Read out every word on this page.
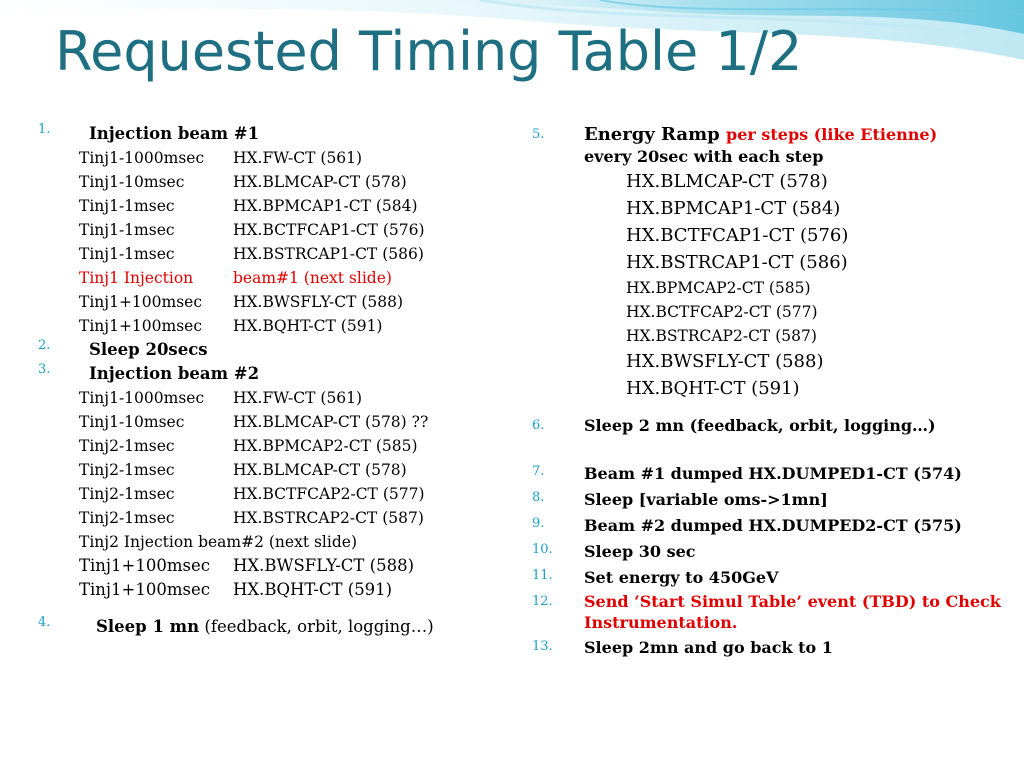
Requested Timing Table 1/2
1. Injection beam #1
Tinj1-1000msec HX.FW-CT (561)
Tinj1-10msec	HX.BLMCAP-CT (578)
Tinj1-1msec	HX.BPMCAP1-CT (584)
Tinj1-1msec	HX.BCTFCAP1-CT (576)
Tinj1-1msec	HX.BSTRCAP1-CT (586)
Tinj1 Injection	beam#1 (next slide)
Tinj1+100msec HX.BWSFLY-CT (588)
Tinj1+100msec HX.BQHT-CT (591)
2. Sleep 20secs
3. Injection beam #2
Tinj1-1000msec HX.FW-CT (561)
Tinj1-10msec	HX.BLMCAP-CT (578) ??
Tinj2-1msec	HX.BPMCAP2-CT (585)
Tinj2-1msec	HX.BLMCAP-CT (578)
Tinj2-1msec	HX.BCTFCAP2-CT (577)
Tinj2-1msec	HX.BSTRCAP2-CT (587)
Tinj2 Injection beam#2 (next slide)
Tinj1+100msec HX.BWSFLY-CT (588)
Tinj1+100msec HX.BQHT-CT (591)
4.	Sleep 1 mn (feedback, orbit, logging…)
5. Energy Ramp per steps (like Etienne)
every 20sec with each step
HX.BLMCAP-CT (578)
HX.BPMCAP1-CT (584)
HX.BCTFCAP1-CT (576)
HX.BSTRCAP1-CT (586)
HX.BPMCAP2-CT (585)
HX.BCTFCAP2-CT (577)
HX.BSTRCAP2-CT (587)
HX.BWSFLY-CT (588)
HX.BQHT-CT (591)
6. Sleep 2 mn (feedback, orbit, logging…)
7. Beam #1 dumped HX.DUMPED1-CT (574)
8. Sleep [variable oms->1mn]
9. Beam #2 dumped HX.DUMPED2-CT (575)
10. Sleep 30 sec
11. Set energy to 450GeV
12. Send ‘Start Simul Table’ event (TBD) to Check Instrumentation.
13. Sleep 2mn and go back to 1
